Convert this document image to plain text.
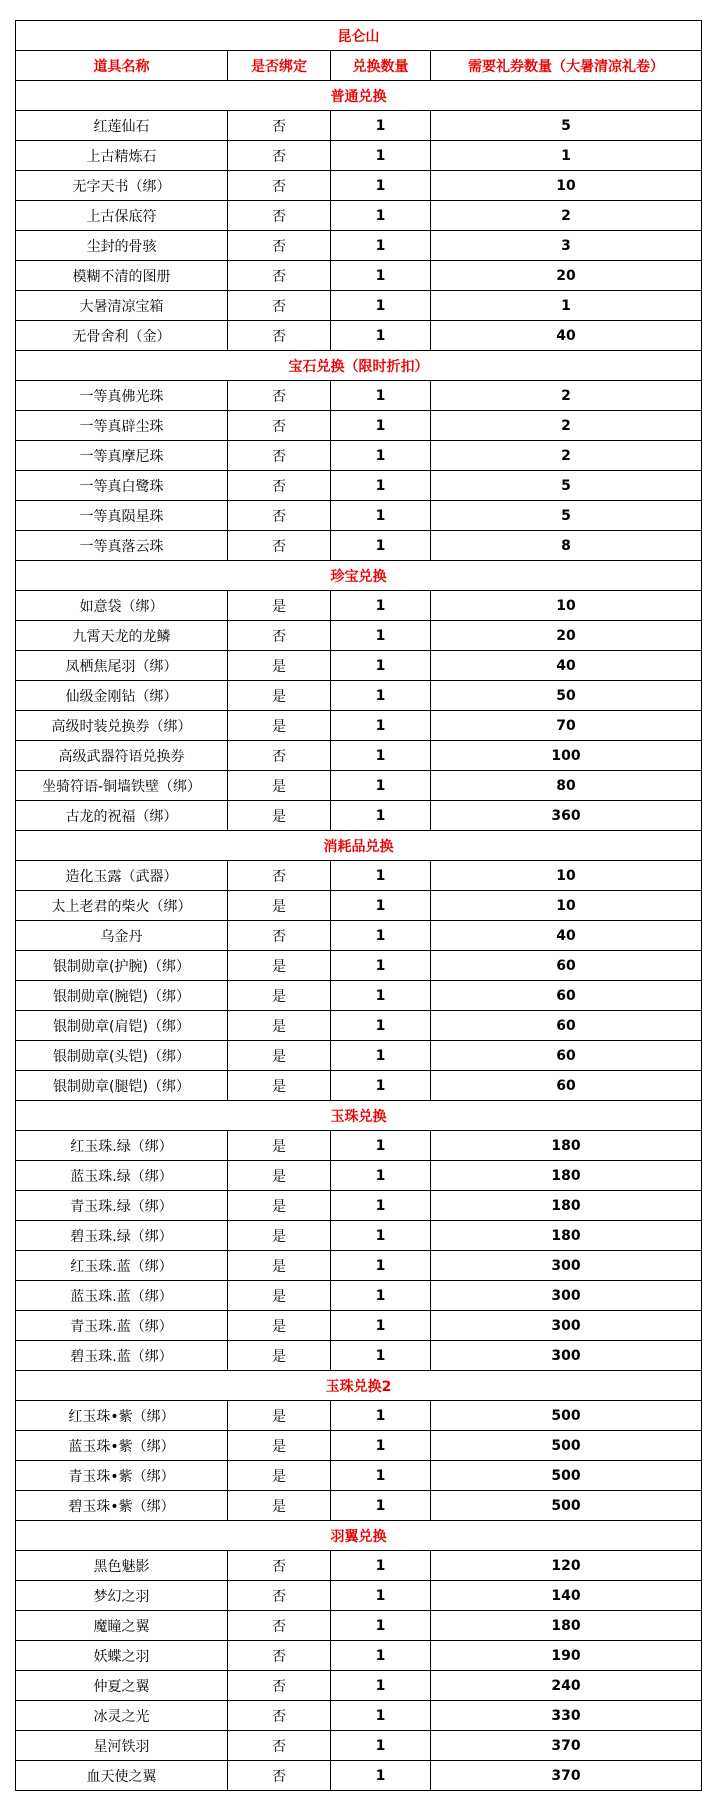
昆仑山			
道具名称	是否绑定	兑换数量	需要礼券数量（大暑清凉礼卷）
普通兑换			
红莲仙石	否	1	5
上古精炼石	否	1	1
无字天书（绑）	否	1	10
上古保底符	否	1	2
尘封的骨骇	否	1	3
模糊不清的图册	否	1	20
大暑清凉宝箱	否	1	1
无骨舍利（金）	否	1	40
宝石兑换（限时折扣）			
一等真佛光珠	否	1	2
一等真辟尘珠	否	1	2
一等真摩尼珠	否	1	2
一等真白鹭珠	否	1	5
一等真陨星珠	否	1	5
一等真落云珠	否	1	8
珍宝兑换			
如意袋（绑）	是	1	10
九霄天龙的龙鳞	否	1	20
凤栖焦尾羽（绑）	是	1	40
仙级金刚钻（绑）	是	1	50
高级时装兑换券（绑）	是	1	70
高级武器符语兑换券	否	1	100
坐骑符语-铜墙铁壁（绑）	是	1	80
古龙的祝福（绑）	是	1	360
消耗品兑换			
造化玉露（武器）	否	1	10
太上老君的柴火（绑）	是	1	10
乌金丹	否	1	40
银制勋章(护腕)（绑）	是	1	60
银制勋章(腕铠)（绑）	是	1	60
银制勋章(肩铠)（绑）	是	1	60
银制勋章(头铠)（绑）	是	1	60
银制勋章(腿铠)（绑）	是	1	60
玉珠兑换			
红玉珠.绿（绑）	是	1	180
蓝玉珠.绿（绑）	是	1	180
青玉珠.绿（绑）	是	1	180
碧玉珠.绿（绑）	是	1	180
红玉珠.蓝（绑）	是	1	300
蓝玉珠.蓝（绑）	是	1	300
青玉珠.蓝（绑）	是	1	300
碧玉珠.蓝（绑）	是	1	300
玉珠兑换2			
红玉珠•紫（绑）	是	1	500
蓝玉珠•紫（绑）	是	1	500
青玉珠•紫（绑）	是	1	500
碧玉珠•紫（绑）	是	1	500
羽翼兑换			
黑色魅影	否	1	120
梦幻之羽	否	1	140
魔瞳之翼	否	1	180
妖蝶之羽	否	1	190
仲夏之翼	否	1	240
冰灵之光	否	1	330
星河铁羽	否	1	370
血天使之翼	否	1	370
